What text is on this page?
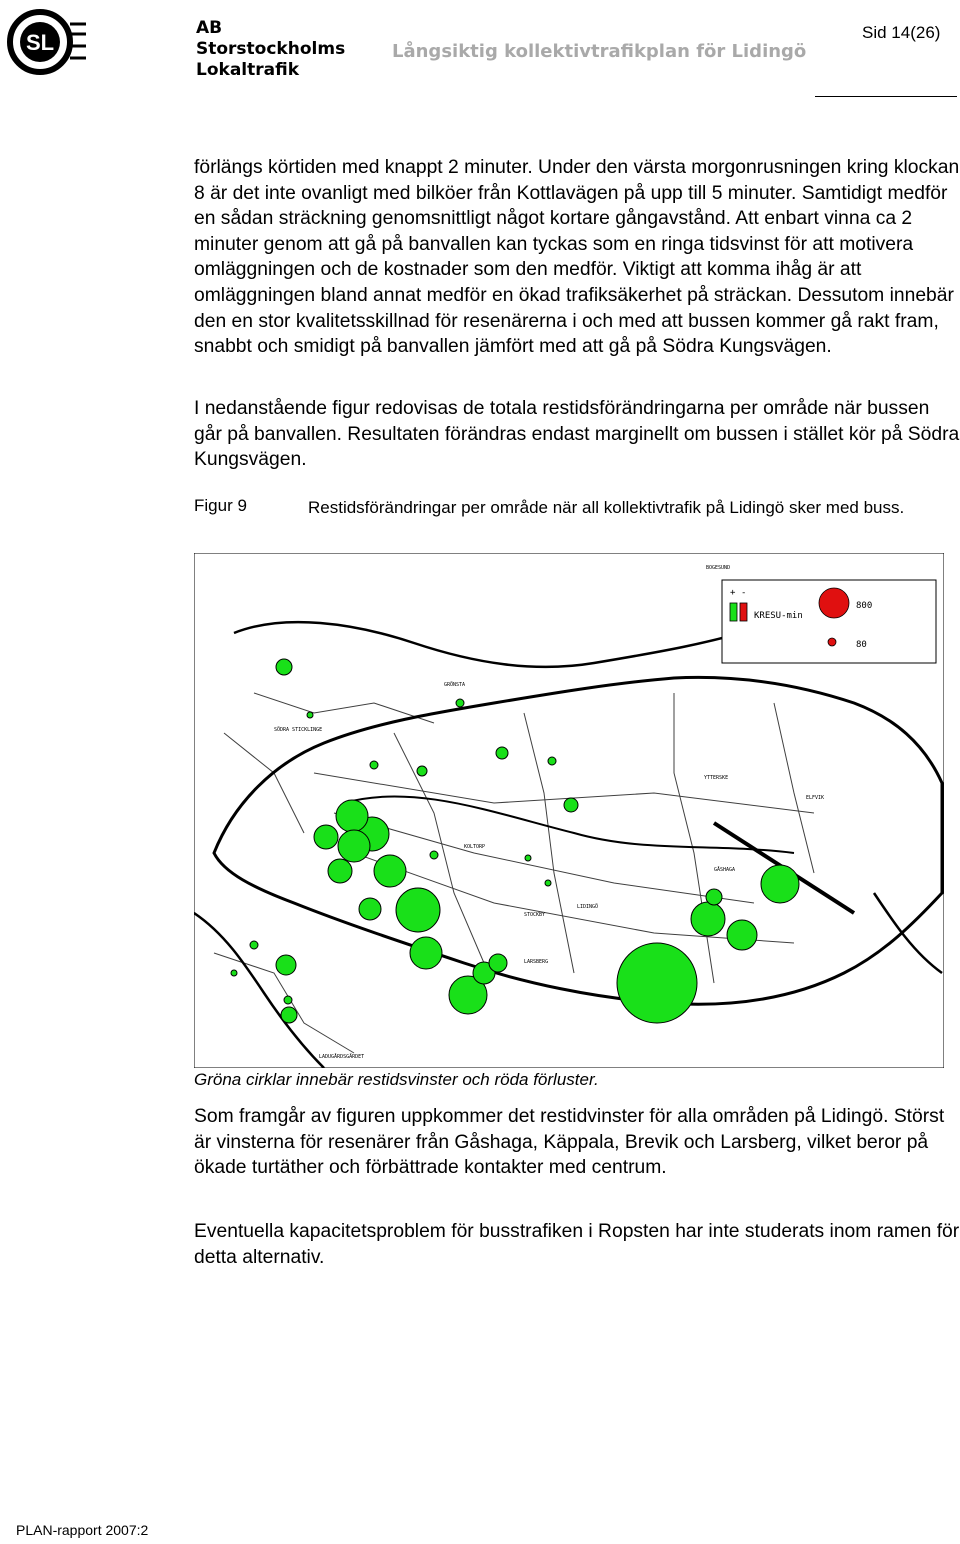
SL
AB
Storstockholms
Lokaltrafik
Långsiktig kollektivtrafikplan för Lidingö
Sid 14(26)

förlängs körtiden med knappt 2 minuter. Under den värsta morgonrusningen kring klockan 8 är det inte ovanligt med bilköer från Kottlavägen på upp till 5 minuter. Samtidigt medför en sådan sträckning genomsnittligt något kortare gångavstånd. Att enbart vinna ca 2 minuter genom att gå på banvallen kan tyckas som en ringa tidsvinst för att motivera omläggningen och de kostnader som den medför. Viktigt att komma ihåg är att omläggningen bland annat medför en ökad trafiksäkerhet på sträckan. Dessutom innebär den en stor kvalitetsskillnad för resenärerna i och med att bussen kommer gå rakt fram, snabbt och smidigt på banvallen jämfört med att gå på Södra Kungsvägen.

I nedanstående figur redovisas de totala restidsförändringarna per område när bussen går på banvallen. Resultaten förändras endast marginellt om bussen i stället kör på Södra Kungsvägen.

Figur 9	Restidsförändringar per område när all kollektivtrafik på Lidingö sker med buss.
BOGESUND
GRÖNSTA
SÖDRA STICKLINGE
YTTERSKE
ELFVIK
KOLTORP
LIDINGÖ
GÅSHAGA
STOCKBY
LARSBERG
LADUGÅRDSGÄRDET
+ -
KRESU-min
800
80
Gröna cirklar innebär restidsvinster och röda förluster.

Som framgår av figuren uppkommer det restidvinster för alla områden på Lidingö. Störst är vinsterna för resenärer från Gåshaga, Käppala, Brevik och Larsberg, vilket beror på ökade turtäther och förbättrade kontakter med centrum.

Eventuella kapacitetsproblem för busstrafiken i Ropsten har inte studerats inom ramen för detta alternativ.

PLAN-rapport 2007:2
